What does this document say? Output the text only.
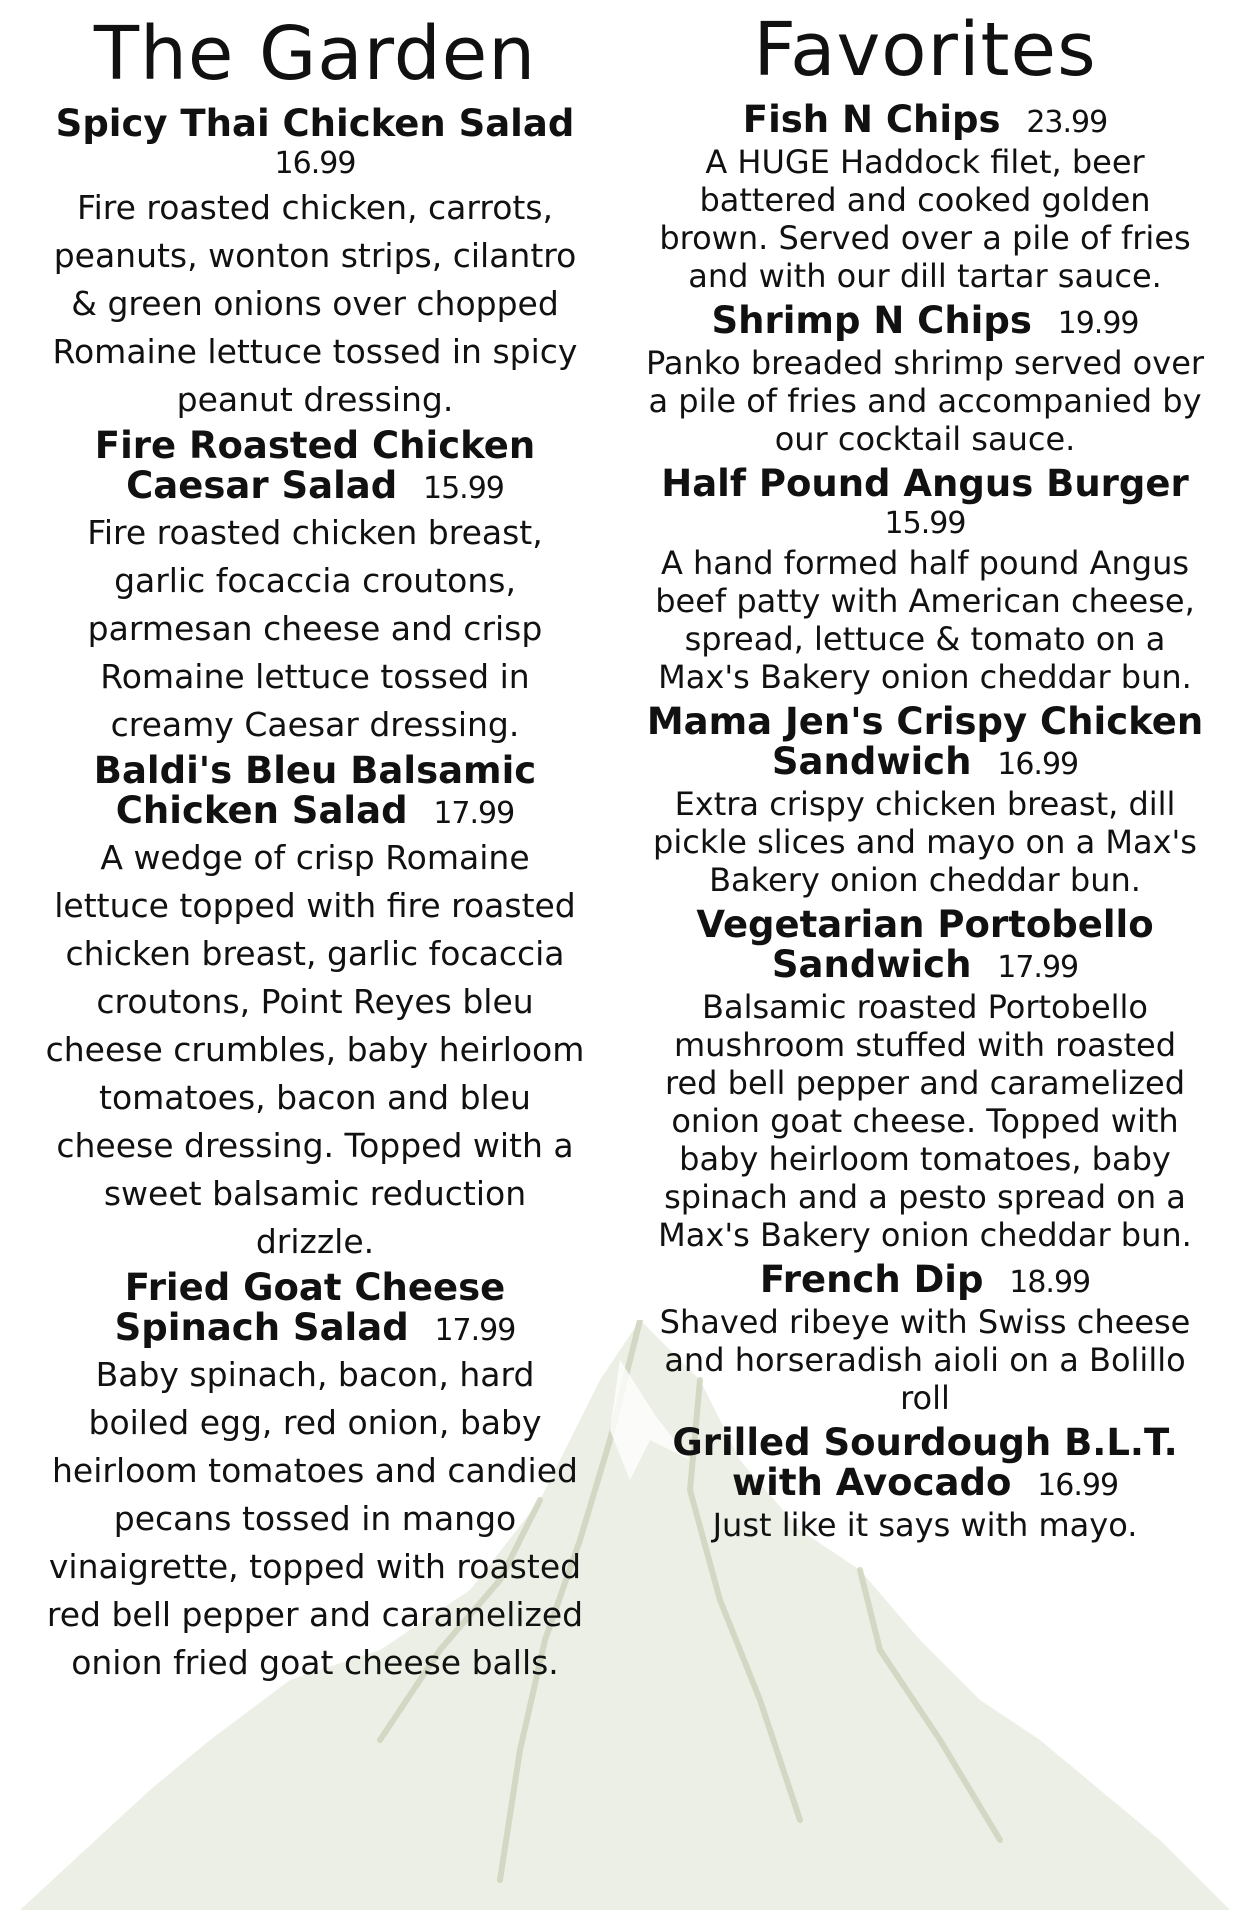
The Garden

Spicy Thai Chicken Salad

16.99

Fire roasted chicken, carrots, peanuts, wonton strips, cilantro & green onions over chopped Romaine lettuce tossed in spicy peanut dressing.

Fire Roasted Chicken Caesar Salad 15.99

Fire roasted chicken breast, garlic focaccia croutons, parmesan cheese and crisp Romaine lettuce tossed in creamy Caesar dressing.

Baldi's Bleu Balsamic Chicken Salad 17.99

A wedge of crisp Romaine lettuce topped with fire roasted chicken breast, garlic focaccia croutons, Point Reyes bleu cheese crumbles, baby heirloom tomatoes, bacon and bleu cheese dressing. Topped with a sweet balsamic reduction drizzle.

Fried Goat Cheese Spinach Salad 17.99

Baby spinach, bacon, hard boiled egg, red onion, baby heirloom tomatoes and candied pecans tossed in mango vinaigrette, topped with roasted red bell pepper and caramelized onion fried goat cheese balls.

Favorites

Fish N Chips 23.99

A HUGE Haddock filet, beer battered and cooked golden brown. Served over a pile of fries and with our dill tartar sauce.

Shrimp N Chips 19.99

Panko breaded shrimp served over a pile of fries and accompanied by our cocktail sauce.

Half Pound Angus Burger

15.99

A hand formed half pound Angus beef patty with American cheese, spread, lettuce & tomato on a Max's Bakery onion cheddar bun.

Mama Jen's Crispy Chicken Sandwich 16.99

Extra crispy chicken breast, dill pickle slices and mayo on a Max's Bakery onion cheddar bun.

Vegetarian Portobello Sandwich 17.99

Balsamic roasted Portobello mushroom stuffed with roasted red bell pepper and caramelized onion goat cheese. Topped with baby heirloom tomatoes, baby spinach and a pesto spread on a Max's Bakery onion cheddar bun.

French Dip 18.99

Shaved ribeye with Swiss cheese and horseradish aioli on a Bolillo roll

Grilled Sourdough B.L.T. with Avocado 16.99

Just like it says with mayo.
